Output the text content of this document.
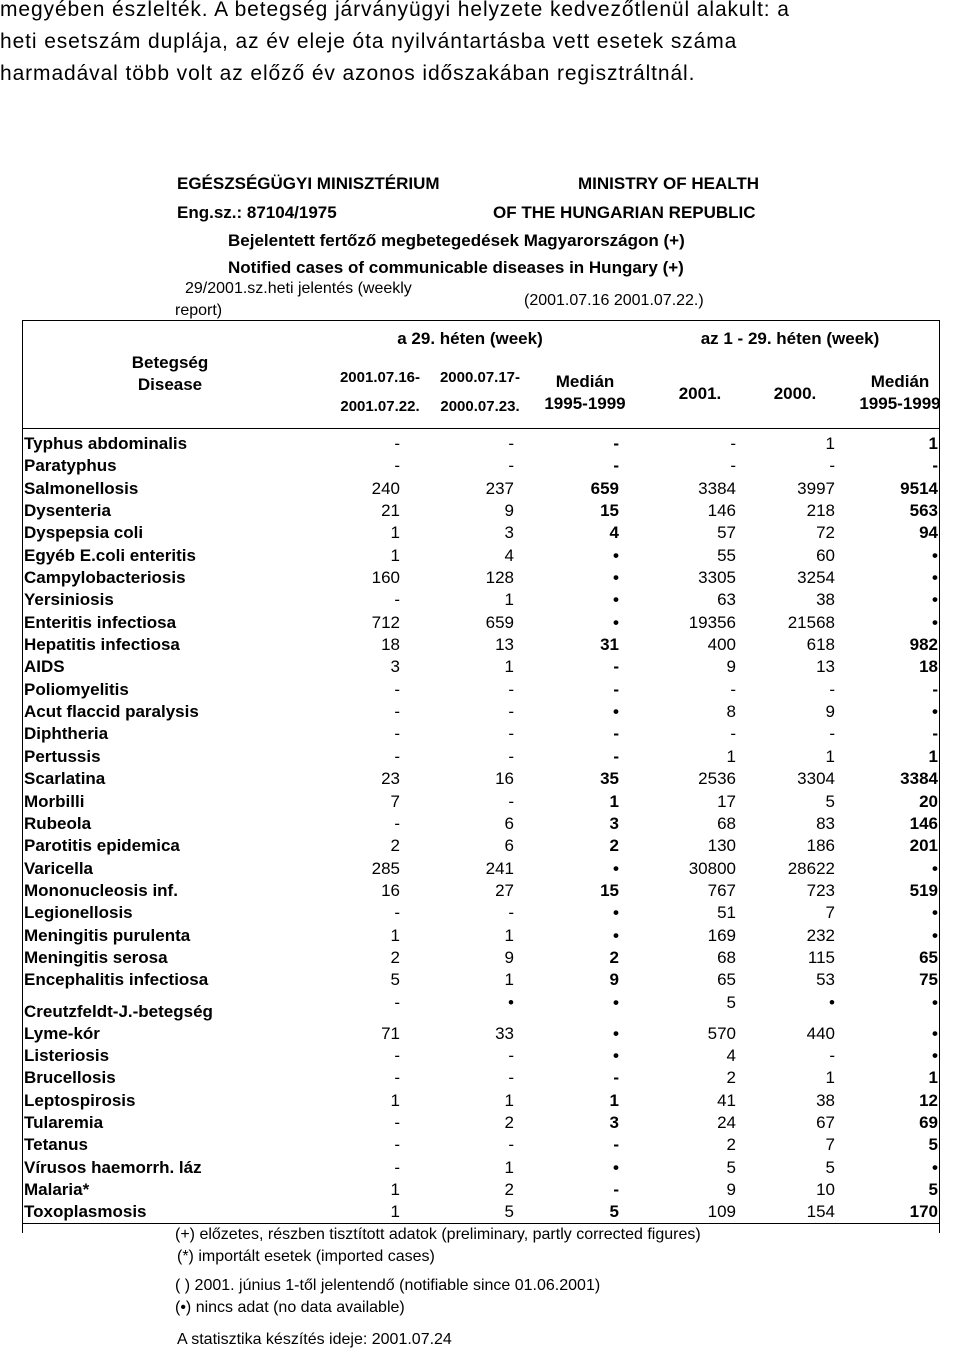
megyében észlelték. A betegség járványügyi helyzete kedvezőtlenül alakult: a
heti esetszám duplája, az év eleje óta nyilvántartásba vett esetek száma
harmadával több volt az előző év azonos időszakában regisztráltnál.
EGÉSZSÉGÜGYI MINISZTÉRIUM	MINISTRY OF HEALTH
Eng.sz.: 87104/1975	OF THE HUNGARIAN REPUBLIC
Bejelentett fertőző megbetegedések Magyarországon (+)
Notified cases of communicable diseases in Hungary (+)
29/2001.sz.heti jelentés (weekly
report)
(2001.07.16 2001.07.22.)
Betegség
Disease
a 29. héten (week)	az 1 - 29. héten (week)
2001.07.16-
2001.07.22.
2000.07.17-
2000.07.23.
Medián
1995-1999
2001.	2000.
Medián
1995-1999
Typhus abdominalis	-	-	-	-	1	1
Paratyphus	-	-	-	-	-	-
Salmonellosis	240	237	659	3384	3997	9514
Dysenteria	21	9	15	146	218	563
Dyspepsia coli	1	3	4	57	72	94
Egyéb E.coli enteritis	1	4	•	55	60	•
Campylobacteriosis	160	128	•	3305	3254	•
Yersiniosis	-	1	•	63	38	•
Enteritis infectiosa	712	659	•	19356	21568	•
Hepatitis infectiosa	18	13	31	400	618	982
AIDS	3	1	-	9	13	18
Poliomyelitis	-	-	-	-	-	-
Acut flaccid paralysis	-	-	•	8	9	•
Diphtheria	-	-	-	-	-	-
Pertussis	-	-	-	1	1	1
Scarlatina	23	16	35	2536	3304	3384
Morbilli	7	-	1	17	5	20
Rubeola	-	6	3	68	83	146
Parotitis epidemica	2	6	2	130	186	201
Varicella	285	241	•	30800	28622	•
Mononucleosis inf.	16	27	15	767	723	519
Legionellosis	-	-	•	51	7	•
Meningitis purulenta	1	1	•	169	232	•
Meningitis serosa	2	9	2	68	115	65
Encephalitis infectiosa	5	1	9	65	53	75
Creutzfeldt-J.-betegség	-	•	•	5	•	•
Lyme-kór	71	33	•	570	440	•
Listeriosis	-	-	•	4	-	•
Brucellosis	-	-	-	2	1	1
Leptospirosis	1	1	1	41	38	12
Tularemia	-	2	3	24	67	69
Tetanus	-	-	-	2	7	5
Vírusos haemorrh. láz	-	1	•	5	5	•
Malaria*	1	2	-	9	10	5
Toxoplasmosis	1	5	5	109	154	170
(+) előzetes, részben tisztított adatok (preliminary, partly corrected figures)
(*) importált esetek (imported cases)
( ) 2001. június 1-től jelentendő (notifiable since 01.06.2001)
(•) nincs adat (no data available)
A statisztika készítés ideje: 2001.07.24
